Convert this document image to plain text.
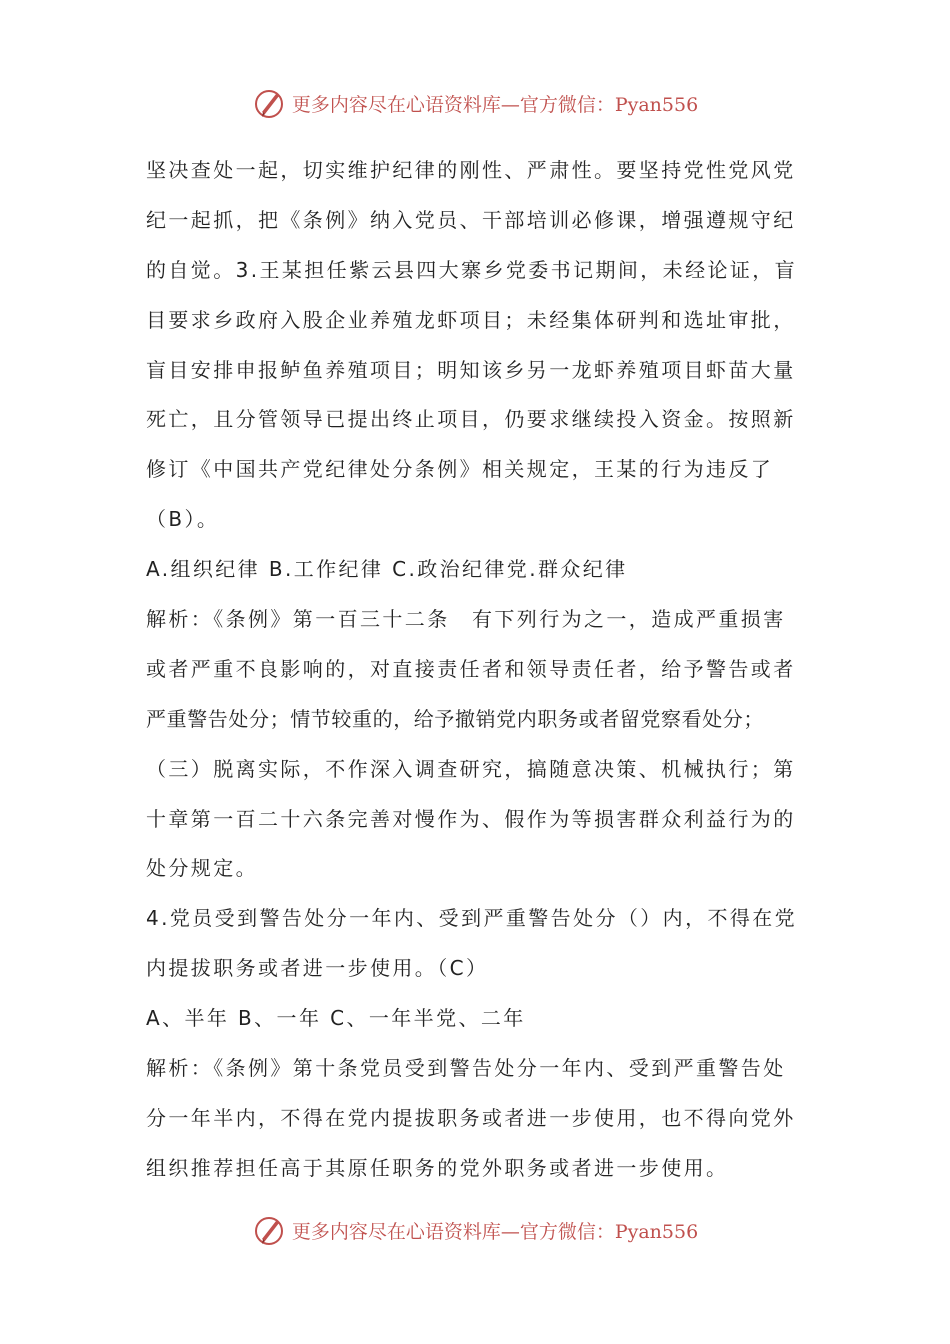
更多内容尽在心语资料库—官方微信：Pyan556
坚决查处一起，切实维护纪律的刚性、严肃性。要坚持党性党风党
纪一起抓，把《条例》纳入党员、干部培训必修课，增强遵规守纪
的自觉。3.王某担任紫云县四大寨乡党委书记期间，未经论证，盲
目要求乡政府入股企业养殖龙虾项目；未经集体研判和选址审批，
盲目安排申报鲈鱼养殖项目；明知该乡另一龙虾养殖项目虾苗大量
死亡，且分管领导已提出终止项目，仍要求继续投入资金。按照新
修订《中国共产党纪律处分条例》相关规定，王某的行为违反了
（B）。
A.组织纪律 B.工作纪律 C.政治纪律党.群众纪律
解析：《条例》第一百三十二条　有下列行为之一，造成严重损害
或者严重不良影响的，对直接责任者和领导责任者，给予警告或者
严重警告处分；情节较重的，给予撤销党内职务或者留党察看处分；
（三）脱离实际，不作深入调查研究，搞随意决策、机械执行；第
十章第一百二十六条完善对慢作为、假作为等损害群众利益行为的
处分规定。
4.党员受到警告处分一年内、受到严重警告处分（）内，不得在党
内提拔职务或者进一步使用。（C）
A、半年 B、一年 C、一年半党、二年
解析：《条例》第十条党员受到警告处分一年内、受到严重警告处
分一年半内，不得在党内提拔职务或者进一步使用，也不得向党外
组织推荐担任高于其原任职务的党外职务或者进一步使用。
更多内容尽在心语资料库—官方微信：Pyan556
